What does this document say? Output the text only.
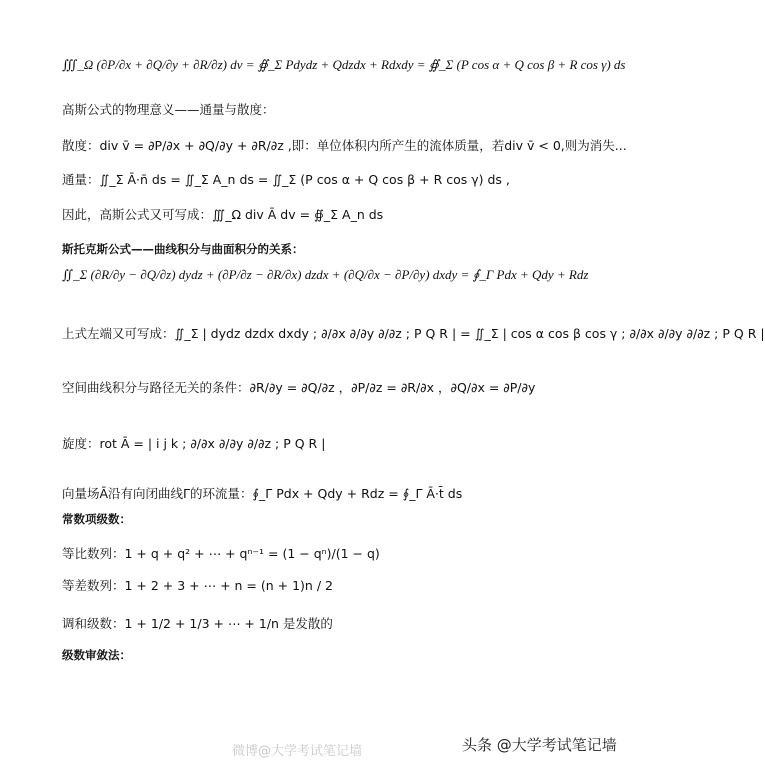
微博@大学考试笔记墙	头条 @大学考试笔记墙
∭_Ω (∂P/∂x + ∂Q/∂y + ∂R/∂z) dv = ∯_Σ Pdydz + Qdzdx + Rdxdy = ∯_Σ (P cos α + Q cos β + R cos γ) ds
高斯公式的物理意义——通量与散度：
散度：div v̄ = ∂P/∂x + ∂Q/∂y + ∂R/∂z ,即：单位体积内所产生的流体质量，若div v̄ < 0,则为消失...
通量：∬_Σ Ā·n̄ ds = ∬_Σ A_n ds = ∬_Σ (P cos α + Q cos β + R cos γ) ds ,
因此，高斯公式又可写成：∭_Ω div Ā dv = ∯_Σ A_n ds
斯托克斯公式——曲线积分与曲面积分的关系：
∬_Σ (∂R/∂y − ∂Q/∂z) dydz + (∂P/∂z − ∂R/∂x) dzdx + (∂Q/∂x − ∂P/∂y) dxdy = ∮_Γ Pdx + Qdy + Rdz
上式左端又可写成：∬_Σ | dydz dzdx dxdy ; ∂/∂x ∂/∂y ∂/∂z ; P Q R | = ∬_Σ | cos α cos β cos γ ; ∂/∂x ∂/∂y ∂/∂z ; P Q R |
空间曲线积分与路径无关的条件：∂R/∂y = ∂Q/∂z ，∂P/∂z = ∂R/∂x ，∂Q/∂x = ∂P/∂y
旋度：rot Ā = | i j k ; ∂/∂x ∂/∂y ∂/∂z ; P Q R |
向量场Ā沿有向闭曲线Γ的环流量：∮_Γ Pdx + Qdy + Rdz = ∮_Γ Ā·t̄ ds
常数项级数：
等比数列：1 + q + q² + ⋯ + qⁿ⁻¹ = (1 − qⁿ)/(1 − q)
等差数列：1 + 2 + 3 + ⋯ + n = (n + 1)n / 2
调和级数：1 + 1/2 + 1/3 + ⋯ + 1/n 是发散的
级数审敛法：
